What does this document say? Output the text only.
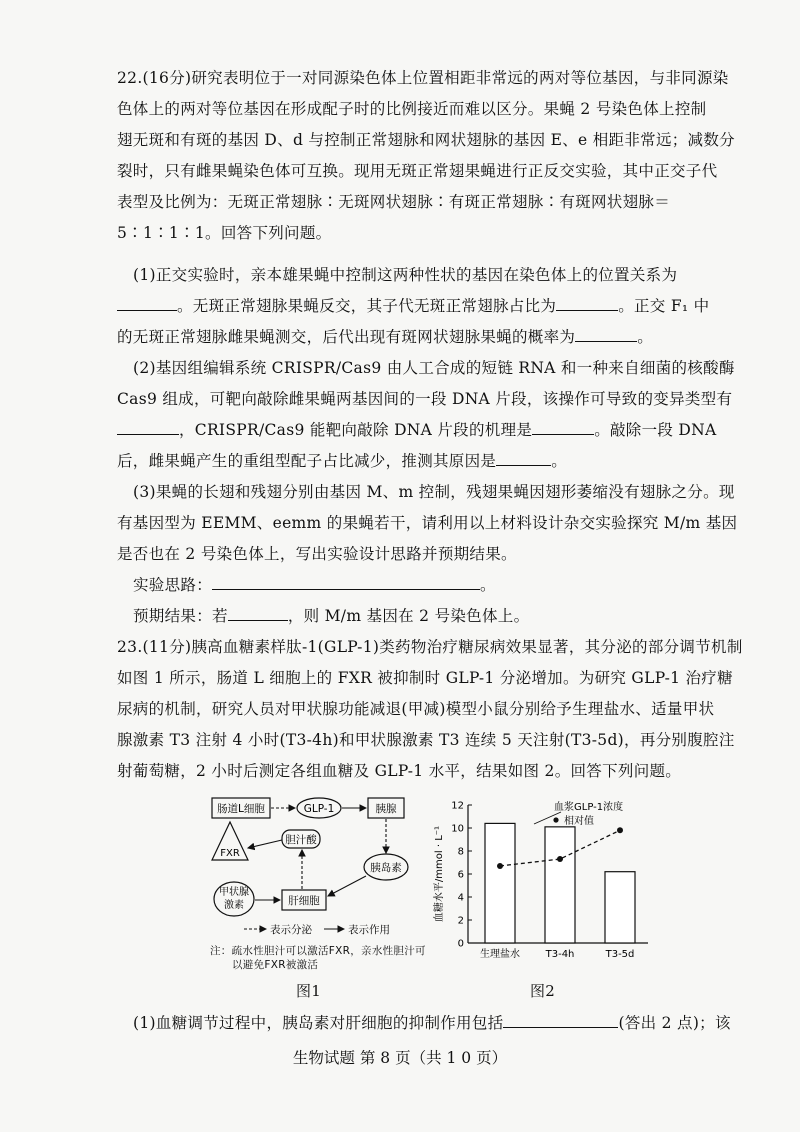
22.(16分)研究表明位于一对同源染色体上位置相距非常远的两对等位基因，与非同源染
色体上的两对等位基因在形成配子时的比例接近而难以区分。果蝇 2 号染色体上控制
翅无斑和有斑的基因 D、d 与控制正常翅脉和网状翅脉的基因 E、e 相距非常远；减数分
裂时，只有雌果蝇染色体可互换。现用无斑正常翅果蝇进行正反交实验，其中正交子代
表型及比例为：无斑正常翅脉∶无斑网状翅脉∶有斑正常翅脉∶有斑网状翅脉＝
5∶1∶1∶1。回答下列问题。
(1)正交实验时，亲本雄果蝇中控制这两种性状的基因在染色体上的位置关系为
。无斑正常翅脉果蝇反交，其子代无斑正常翅脉占比为	。正交 F₁ 中
的无斑正常翅脉雌果蝇测交，后代出现有斑网状翅脉果蝇的概率为	。
(2)基因组编辑系统 CRISPR/Cas9 由人工合成的短链 RNA 和一种来自细菌的核酸酶
Cas9 组成，可靶向敲除雌果蝇两基因间的一段 DNA 片段，该操作可导致的变异类型有
，CRISPR/Cas9 能靶向敲除 DNA 片段的机理是	。敲除一段 DNA
后，雌果蝇产生的重组型配子占比减少，推测其原因是	。
(3)果蝇的长翅和残翅分别由基因 M、m 控制，残翅果蝇因翅形萎缩没有翅脉之分。现
有基因型为 EEMM、eemm 的果蝇若干，请利用以上材料设计杂交实验探究 M/m 基因
是否也在 2 号染色体上，写出实验设计思路并预期结果。
实验思路：	。
预期结果：若	，则 M/m 基因在 2 号染色体上。
23.(11分)胰高血糖素样肽-1(GLP-1)类药物治疗糖尿病效果显著，其分泌的部分调节机制
如图 1 所示，肠道 L 细胞上的 FXR 被抑制时 GLP-1 分泌增加。为研究 GLP-1 治疗糖
尿病的机制，研究人员对甲状腺功能减退(甲减)模型小鼠分别给予生理盐水、适量甲状
腺激素 T3 注射 4 小时(T3-4h)和甲状腺激素 T3 连续 5 天注射(T3-5d)，再分别腹腔注
射葡萄糖，2 小时后测定各组血糖及 GLP-1 水平，结果如图 2。回答下列问题。
肠道L细胞	GLP-1	胰腺
FXR
胆汁酸
胰岛素
甲状腺
激素	肝细胞
表示分泌	表示作用
注：疏水性胆汁可以激活FXR，亲水性胆汁可
以避免FXR被激活
图1
0
2
4
6
8
10
12
生理盐水	T3-4h	T3-5d
血糖水平/mmol · L⁻¹
血浆GLP-1浓度
相对值
图2
(1)血糖调节过程中，胰岛素对肝细胞的抑制作用包括	(答出 2 点)；该
生物试题 第 8 页（共 1 0 页）
